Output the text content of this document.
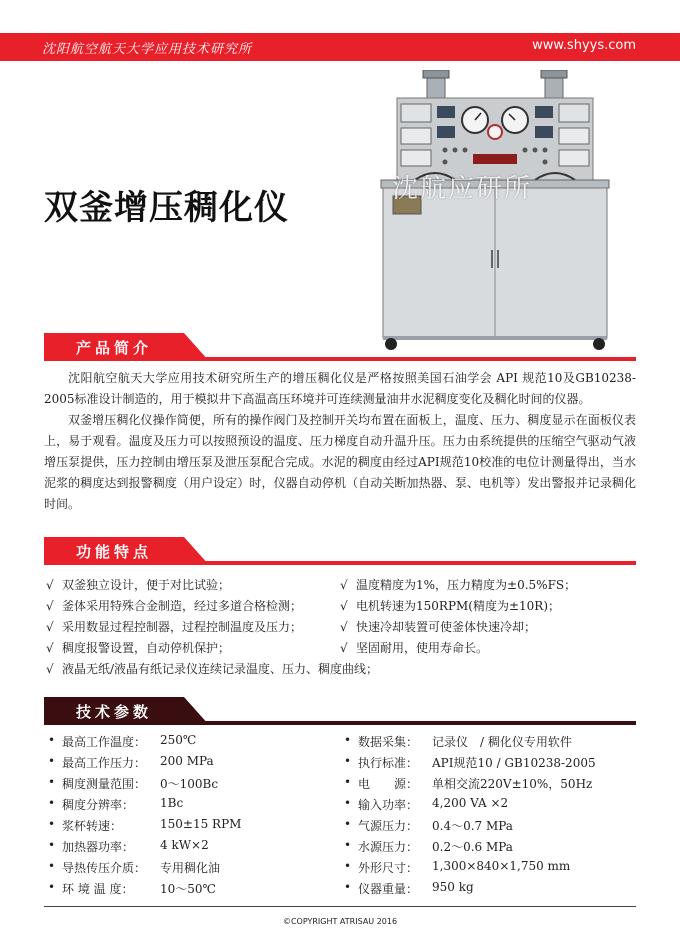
沈阳航空航天大学应用技术研究所	www.shyys.com
沈航应研所
双釜增压稠化仪
产品简介

沈阳航空航天大学应用技术研究所生产的增压稠化仪是严格按照美国石油学会 API 规范10及GB10238-2005标准设计制造的，用于模拟井下高温高压环境并可连续测量油井水泥稠度变化及稠化时间的仪器。

双釜增压稠化仪操作简便，所有的操作阀门及控制开关均布置在面板上，温度、压力、稠度显示在面板仪表上，易于观看。温度及压力可以按照预设的温度、压力梯度自动升温升压。压力由系统提供的压缩空气驱动气液增压泵提供，压力控制由增压泵及泄压泵配合完成。水泥的稠度由经过API规范10校准的电位计测量得出，当水泥浆的稠度达到报警稠度（用户设定）时，仪器自动停机（自动关断加热器、泵、电机等）发出警报并记录稠化时间。

功能特点
√ 双釜独立设计，便于对比试验；
√ 釜体采用特殊合金制造，经过多道合格检测；
√ 采用数显过程控制器，过程控制温度及压力；
√ 稠度报警设置，自动停机保护；
√ 液晶无纸/液晶有纸记录仪连续记录温度、压力、稠度曲线；
√ 温度精度为1%，压力精度为±0.5%FS；
√ 电机转速为150RPM(精度为±10R)；
√ 快速冷却装置可使釜体快速冷却；
√ 坚固耐用，使用寿命长。
技术参数
• 最高工作温度： 250℃
• 最高工作压力： 200 MPa
• 稠度测量范围： 0～100Bc
• 稠度分辨率： 1Bc
• 浆杯转速：	150±15 RPM
• 加热器功率： 4 kW×2
• 导热传压介质： 专用稠化油
• 环 境 温 度： 10～50℃
• 数据采集： 记录仪　/ 稠化仪专用软件
• 执行标准： API规范10 / GB10238-2005
• 电　　源： 单相交流220V±10%，50Hz
• 输入功率： 4,200 VA ×2
• 气源压力： 0.4～0.7 MPa
• 水源压力： 0.2～0.6 MPa
• 外形尺寸： 1,300×840×1,750 mm
• 仪器重量： 950 kg
©COPYRIGHT ATRISAU 2016
